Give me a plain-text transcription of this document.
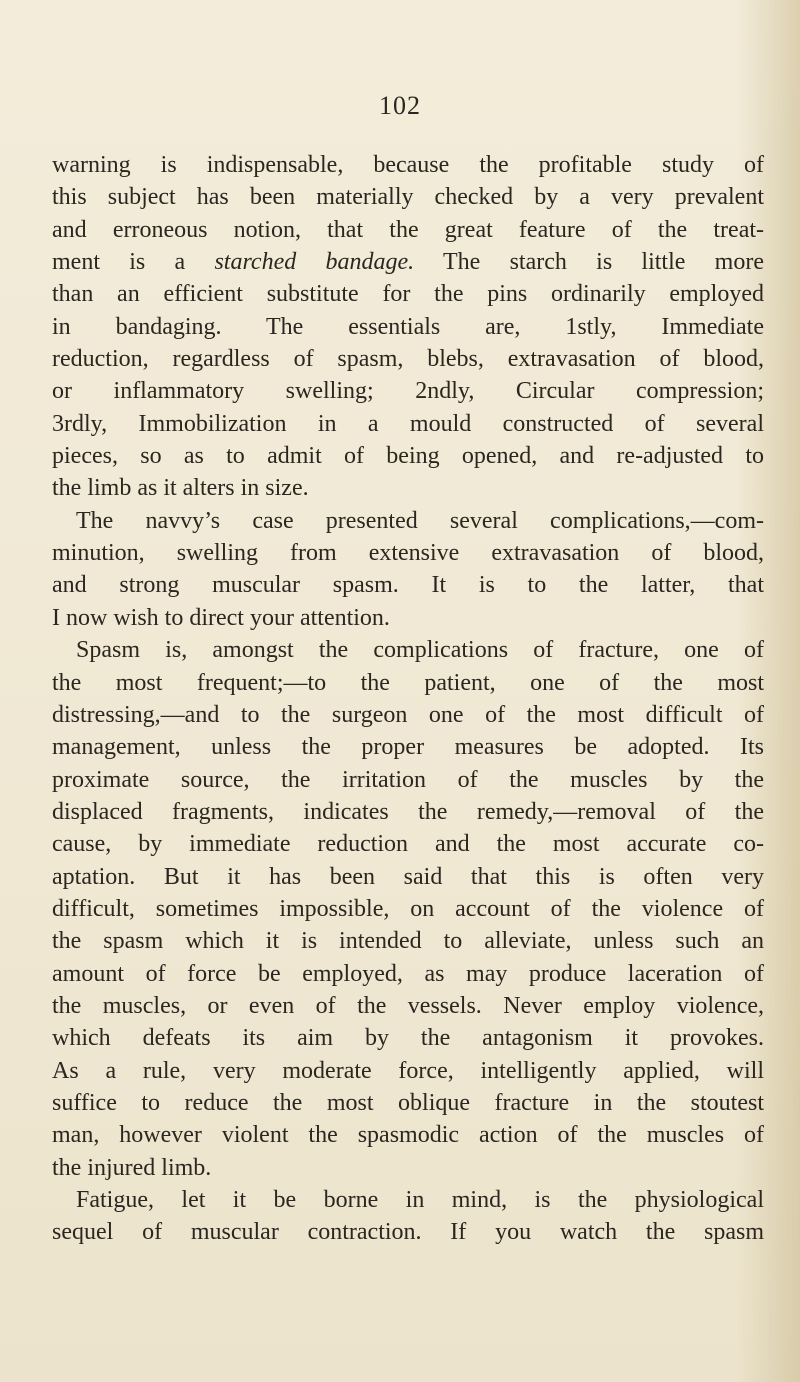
102
warning is indispensable, because the profitable study of
this subject has been materially checked by a very prevalent
and erroneous notion, that the great feature of the treat-
ment is a starched bandage. The starch is little more
than an efficient substitute for the pins ordinarily employed
in bandaging. The essentials are, 1stly, Immediate
reduction, regardless of spasm, blebs, extravasation of blood,
or inflammatory swelling; 2ndly, Circular compression;
3rdly, Immobilization in a mould constructed of several
pieces, so as to admit of being opened, and re-adjusted to
the limb as it alters in size.
The navvy’s case presented several complications,—com-
minution, swelling from extensive extravasation of blood,
and strong muscular spasm. It is to the latter, that
I now wish to direct your attention.
Spasm is, amongst the complications of fracture, one of
the most frequent;—to the patient, one of the most
distressing,—and to the surgeon one of the most difficult of
management, unless the proper measures be adopted. Its
proximate source, the irritation of the muscles by the
displaced fragments, indicates the remedy,—removal of the
cause, by immediate reduction and the most accurate co-
aptation. But it has been said that this is often very
difficult, sometimes impossible, on account of the violence of
the spasm which it is intended to alleviate, unless such an
amount of force be employed, as may produce laceration of
the muscles, or even of the vessels. Never employ violence,
which defeats its aim by the antagonism it provokes.
As a rule, very moderate force, intelligently applied, will
suffice to reduce the most oblique fracture in the stoutest
man, however violent the spasmodic action of the muscles of
the injured limb.
Fatigue, let it be borne in mind, is the physiological
sequel of muscular contraction. If you watch the spasm
